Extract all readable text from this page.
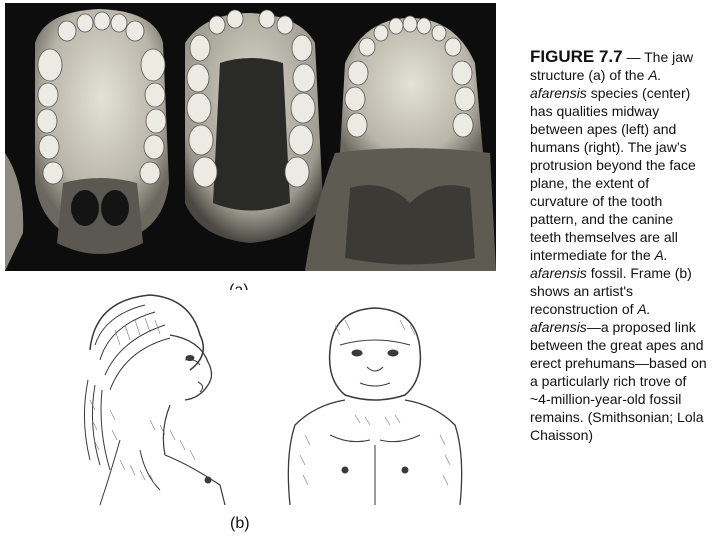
(b)
FIGURE 7.7 — The jaw structure (a) of the A. afarensis species (center) has qualities midway between apes (left) and humans (right). The jaw’s protrusion beyond the face plane, the extent of curvature of the tooth pattern, and the canine teeth themselves are all intermediate for the A. afarensis fossil. Frame (b) shows an artist's reconstruction of A. afarensis—a proposed link between the great apes and erect prehumans—based on a particularly rich trove of ~4-million-year-old fossil remains. (Smithsonian; Lola Chaisson)
